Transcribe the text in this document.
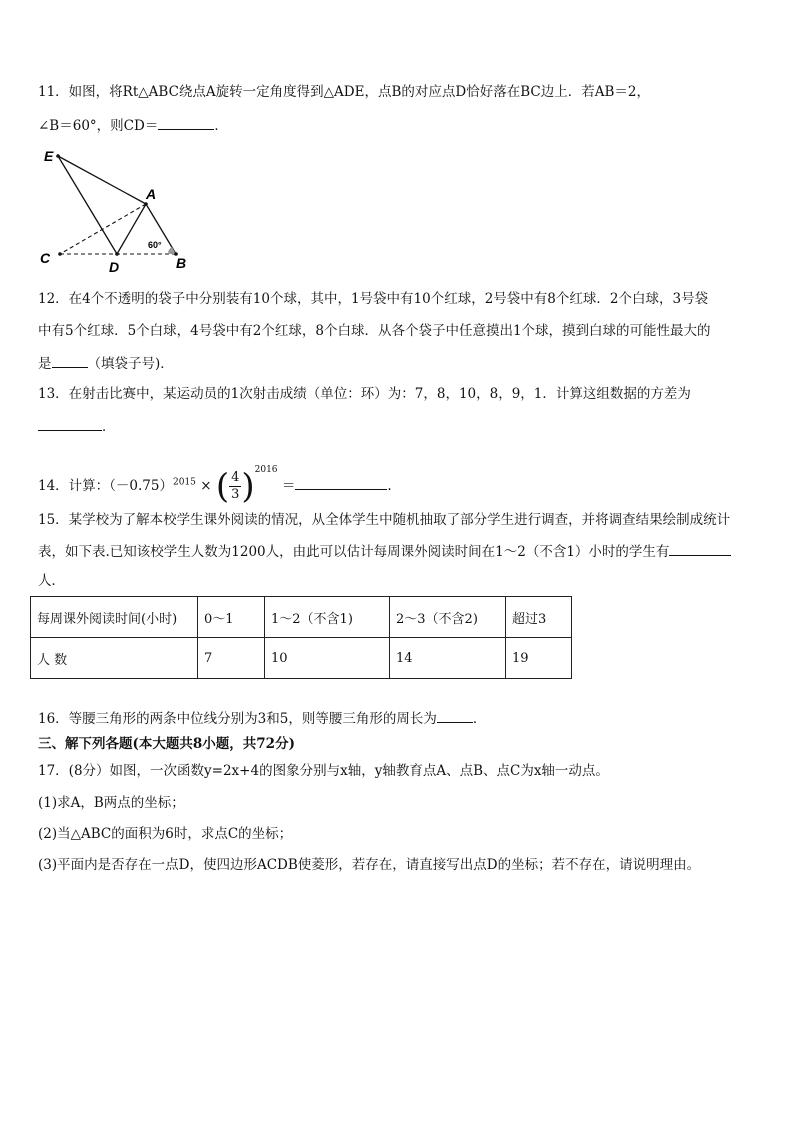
11．如图，将Rt△ABC绕点A旋转一定角度得到△ADE，点B的对应点D恰好落在BC边上．若AB＝2，
∠B＝60°，则CD＝	．
E
A
C
D	B
60°
12．在4个不透明的袋子中分别装有10个球，其中，1号袋中有10个红球，2号袋中有8个红球．2个白球，3号袋
中有5个红球．5个白球，4号袋中有2个红球，8个白球．从各个袋子中任意摸出1个球，摸到白球的可能性最大的
是	（填袋子号)．
13．在射击比赛中，某运动员的1次射击成绩（单位：环）为：7，8，10，8，9，1．计算这组数据的方差为
．
14．计算：$(-0.75)^{2015}$ × ( $\frac{4}{3} )^{2016}$ ＝	.
15．某学校为了解本校学生课外阅读的情况，从全体学生中随机抽取了部分学生进行调查，并将调查结果绘制成统计
表，如下表.已知该校学生人数为1200人，由此可以估计每周课外阅读时间在1～2（不含1）小时的学生有
人．
每周课外阅读时间(小时)	0～1	1～2（不含1)	2～3（不含2)	超过3
人 数	7	10	14	19
16．等腰三角形的两条中位线分别为3和5，则等腰三角形的周长为	．
三、解下列各题(本大题共8小题，共72分)
17．(8分）如图，一次函数y=2x+4的图象分别与x轴，y轴教育点A、点B、点C为x轴一动点。
(1)求A，B两点的坐标；
(2)当△ABC的面积为6时，求点C的坐标；
(3)平面内是否存在一点D，使四边形ACDB使菱形，若存在，请直接写出点D的坐标；若不存在，请说明理由。
